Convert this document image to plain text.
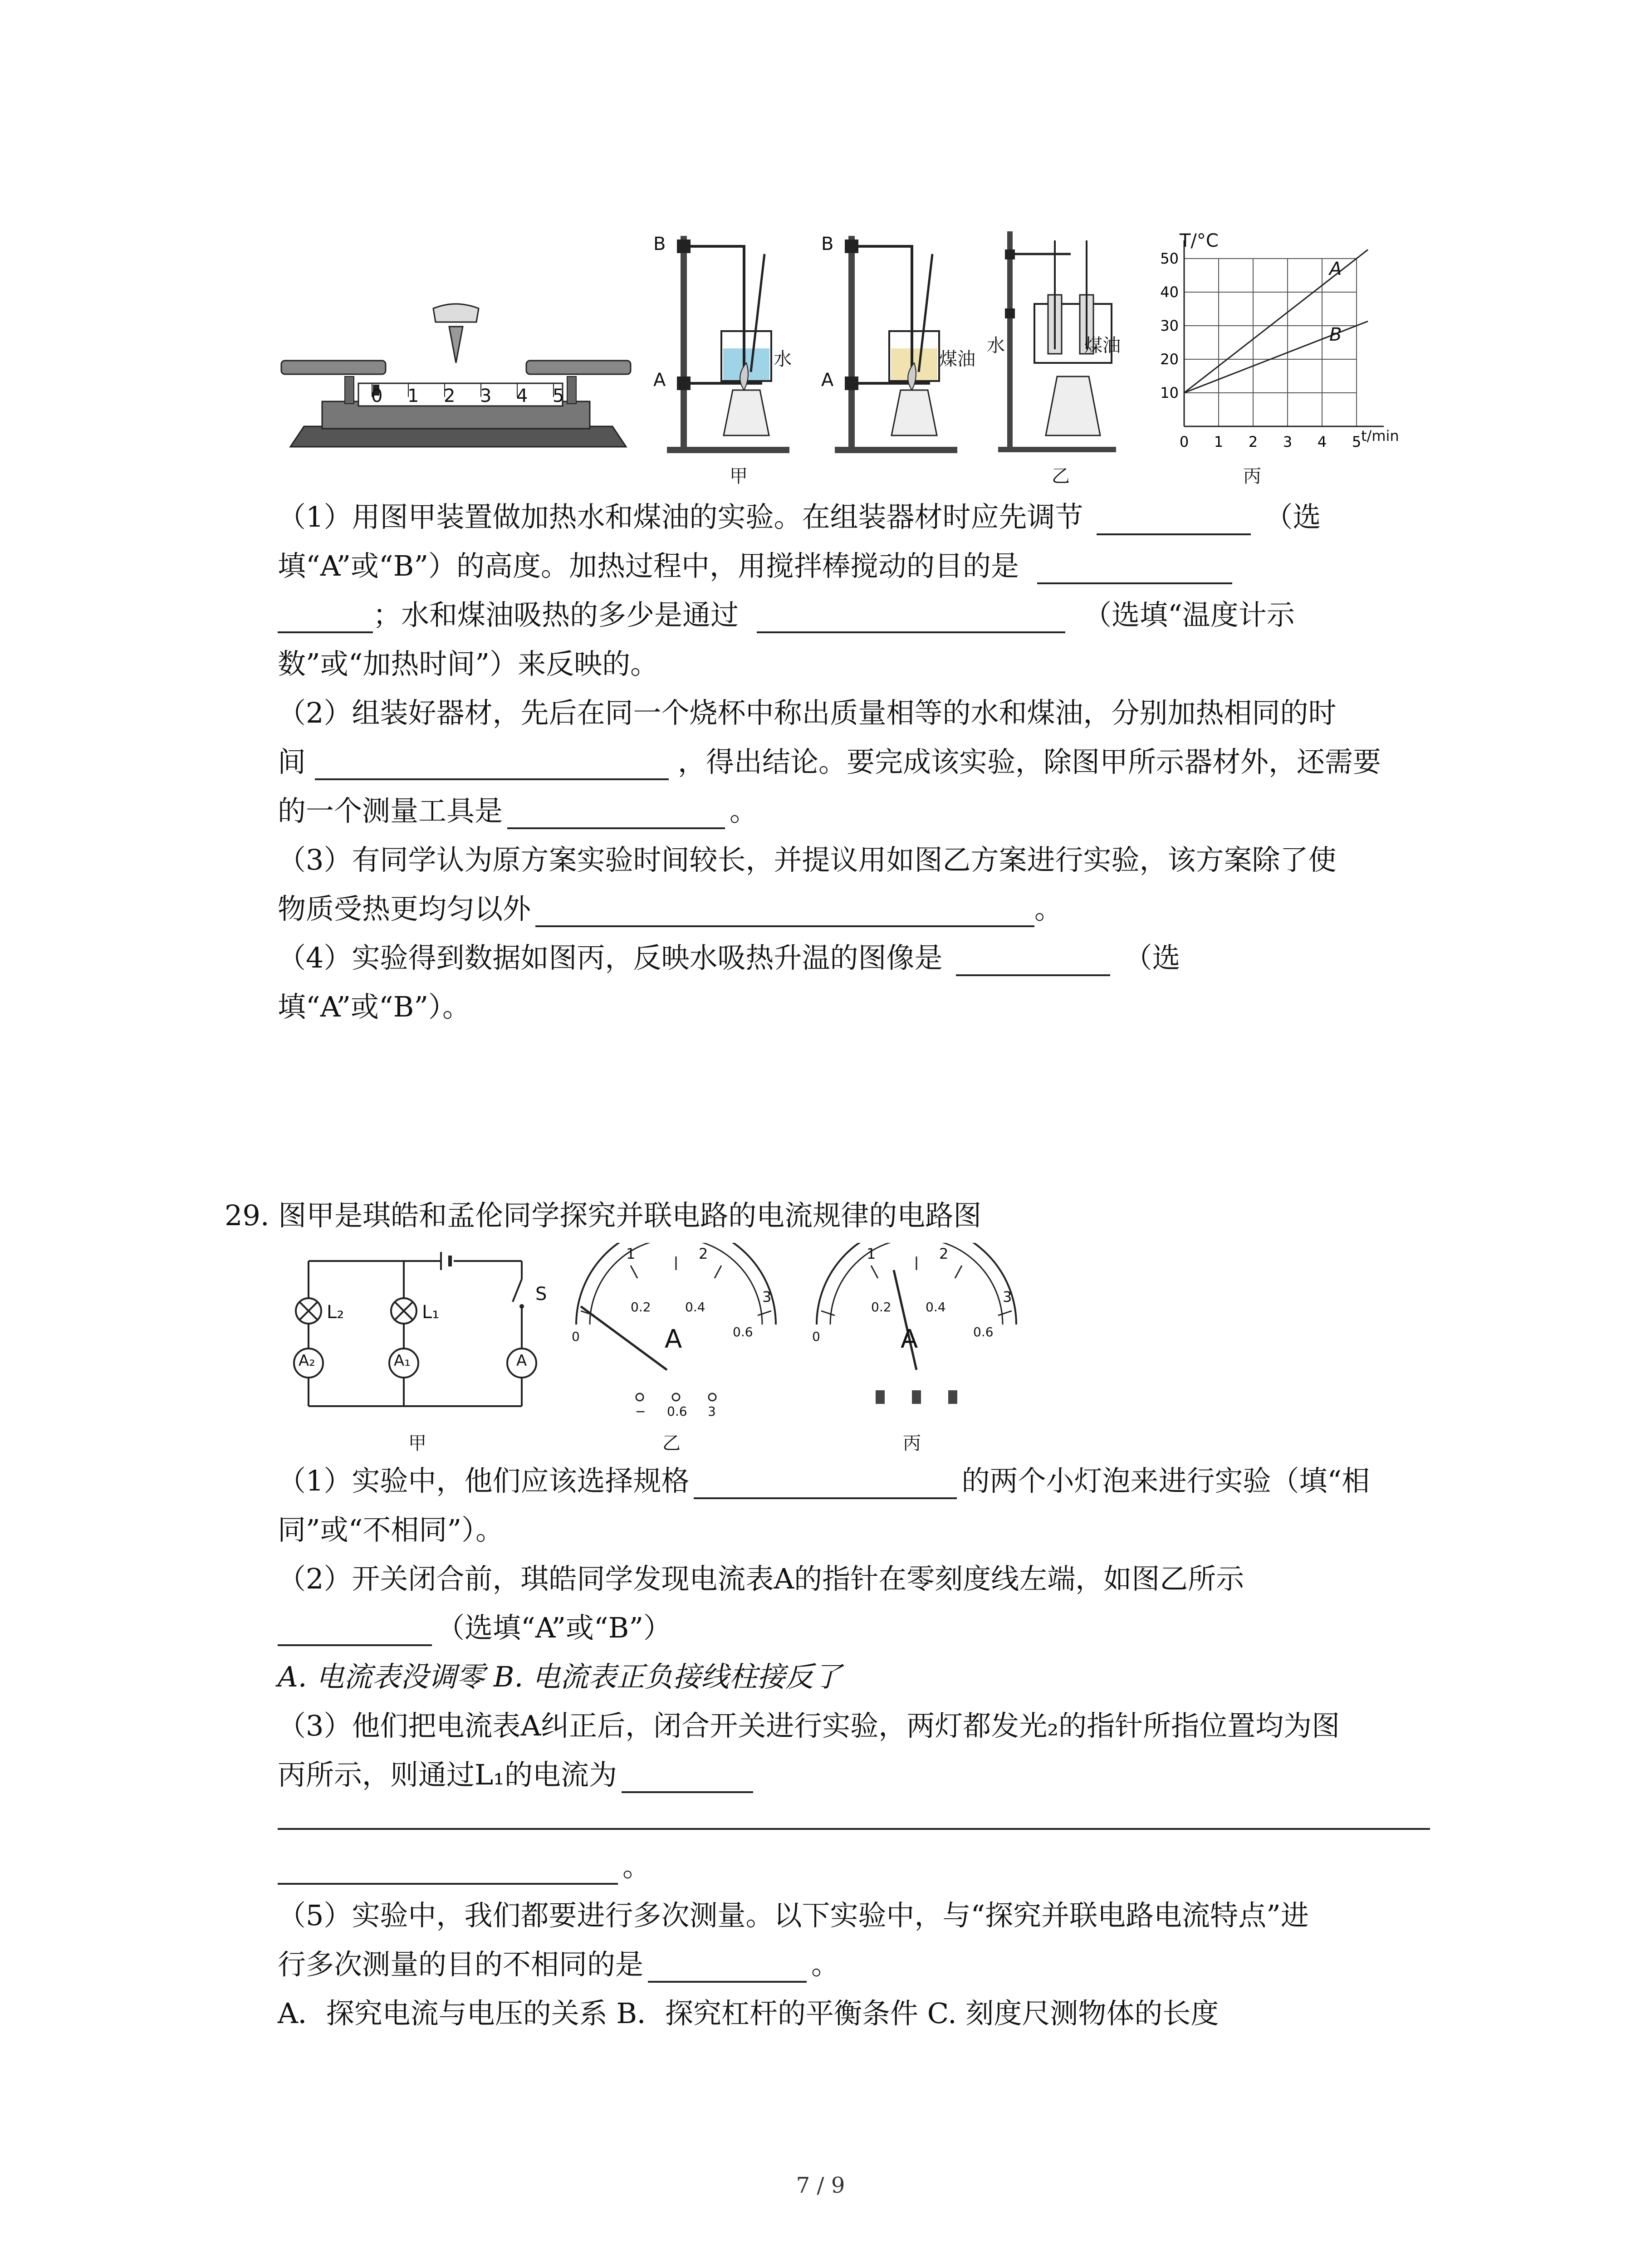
0 1 2 3 4 5
B
A
水
甲
B
A
煤油
水	煤油
乙
0 1 2 3 4 5
10
20
30
40
50
T/°C
t/min
A
B
丙
（1）用图甲装置做加热水和煤油的实验。在组装器材时应先调节	（选
填“A”或“B”）的高度。加热过程中，用搅拌棒搅动的目的是
；水和煤油吸热的多少是通过	（选填“温度计示
数”或“加热时间”）来反映的。
（2）组装好器材，先后在同一个烧杯中称出质量相等的水和煤油，分别加热相同的时
间	，得出结论。要完成该实验，除图甲所示器材外，还需要
的一个测量工具是	。
（3）有同学认为原方案实验时间较长，并提议用如图乙方案进行实验，该方案除了使
物质受热更均匀以外	。
（4）实验得到数据如图丙，反映水吸热升温的图像是	（选
填“A”或“B”）。
29. 图甲是琪皓和孟伦同学探究并联电路的电流规律的电路图
L₂	L₁
S
A₂	A₁	A
甲
A
1	2
3
0
0.2	0.4
0.6
− 0.6 3
乙
A
1	2
3
0
0.2	0.4
0.6
丙
（1）实验中，他们应该选择规格	的两个小灯泡来进行实验（填“相
同”或“不相同”）。
（2）开关闭合前，琪皓同学发现电流表A的指针在零刻度线左端，如图乙所示
（选填“A”或“B”）
A. 电流表没调零 B. 电流表正负接线柱接反了
（3）他们把电流表A纠正后，闭合开关进行实验，两灯都发光₂的指针所指位置均为图
丙所示，则通过L₁的电流为
。
（5）实验中，我们都要进行多次测量。以下实验中，与“探究并联电路电流特点”进
行多次测量的目的不相同的是	。
A．探究电流与电压的关系 B．探究杠杆的平衡条件 C. 刻度尺测物体的长度
7 / 9
